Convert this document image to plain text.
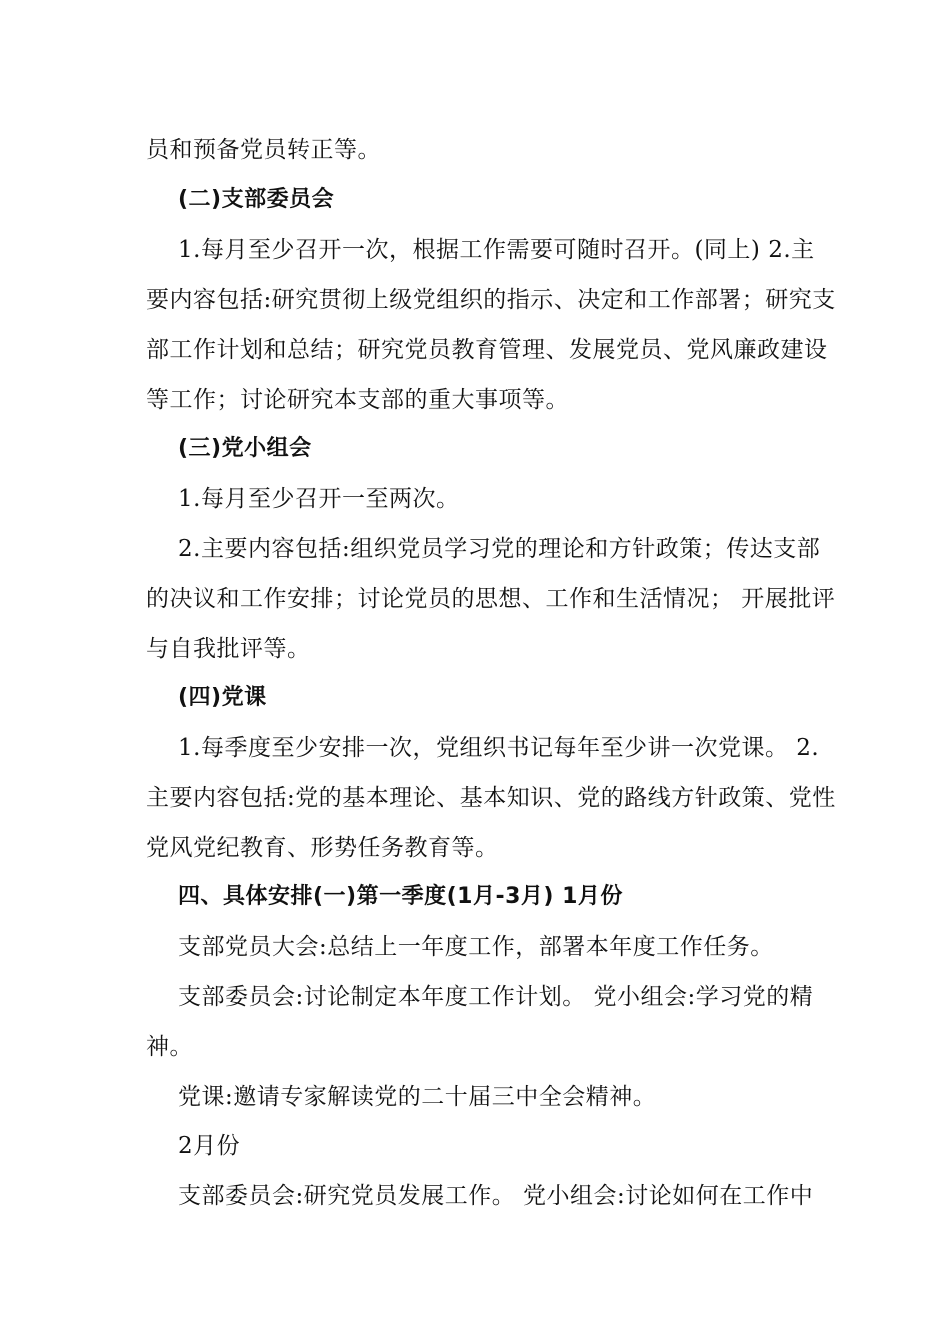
员和预备党员转正等。
(二)支部委员会
1.每月至少召开一次，根据工作需要可随时召开。(同上) 2.主
要内容包括:研究贯彻上级党组织的指示、决定和工作部署；研究支
部工作计划和总结；研究党员教育管理、发展党员、党风廉政建设
等工作；讨论研究本支部的重大事项等。
(三)党小组会
1.每月至少召开一至两次。
2.主要内容包括:组织党员学习党的理论和方针政策；传达支部
的决议和工作安排；讨论党员的思想、工作和生活情况； 开展批评
与自我批评等。
(四)党课
1.每季度至少安排一次，党组织书记每年至少讲一次党课。 2.
主要内容包括:党的基本理论、基本知识、党的路线方针政策、党性
党风党纪教育、形势任务教育等。
四、具体安排(一)第一季度(1月-3月) 1月份
支部党员大会:总结上一年度工作，部署本年度工作任务。
支部委员会:讨论制定本年度工作计划。 党小组会:学习党的精
神。
党课:邀请专家解读党的二十届三中全会精神。
2月份
支部委员会:研究党员发展工作。 党小组会:讨论如何在工作中
